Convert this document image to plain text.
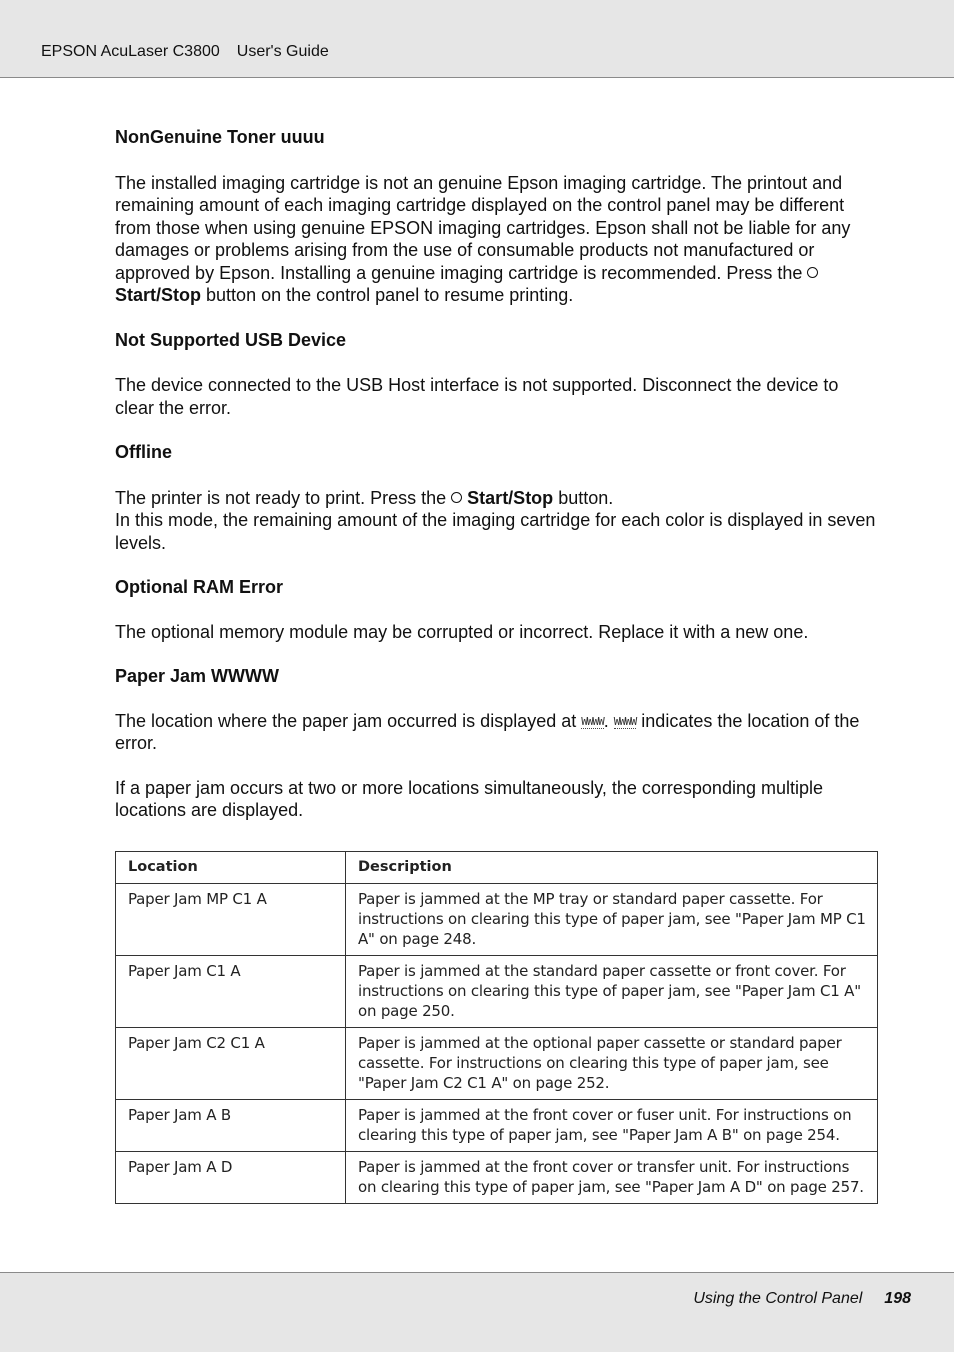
EPSON AcuLaser C3800 User's Guide

NonGenuine Toner uuuu

The installed imaging cartridge is not an genuine Epson imaging cartridge. The printout and remaining amount of each imaging cartridge displayed on the control panel may be different from those when using genuine EPSON imaging cartridges. Epson shall not be liable for any damages or problems arising from the use of consumable products not manufactured or approved by Epson. Installing a genuine imaging cartridge is recommended. Press the Start/Stop button on the control panel to resume printing.

Not Supported USB Device

The device connected to the USB Host interface is not supported. Disconnect the device to clear the error.

Offline

The printer is not ready to print. Press the Start/Stop button.

In this mode, the remaining amount of the imaging cartridge for each color is displayed in seven levels.

Optional RAM Error

The optional memory module may be corrupted or incorrect. Replace it with a new one.

Paper Jam WWWW

The location where the paper jam occurred is displayed at WWWW. WWWW indicates the location of the error.

If a paper jam occurs at two or more locations simultaneously, the corresponding multiple locations are displayed.

Location	Description
Paper Jam MP C1 A	Paper is jammed at the MP tray or standard paper cassette. For instructions on clearing this type of paper jam, see "Paper Jam MP C1 A" on page 248.
Paper Jam C1 A	Paper is jammed at the standard paper cassette or front cover. For instructions on clearing this type of paper jam, see "Paper Jam C1 A" on page 250.
Paper Jam C2 C1 A	Paper is jammed at the optional paper cassette or standard paper cassette. For instructions on clearing this type of paper jam, see "Paper Jam C2 C1 A" on page 252.
Paper Jam A B	Paper is jammed at the front cover or fuser unit. For instructions on clearing this type of paper jam, see "Paper Jam A B" on page 254.
Paper Jam A D	Paper is jammed at the front cover or transfer unit. For instructions on clearing this type of paper jam, see "Paper Jam A D" on page 257.
Using the Control Panel 198
